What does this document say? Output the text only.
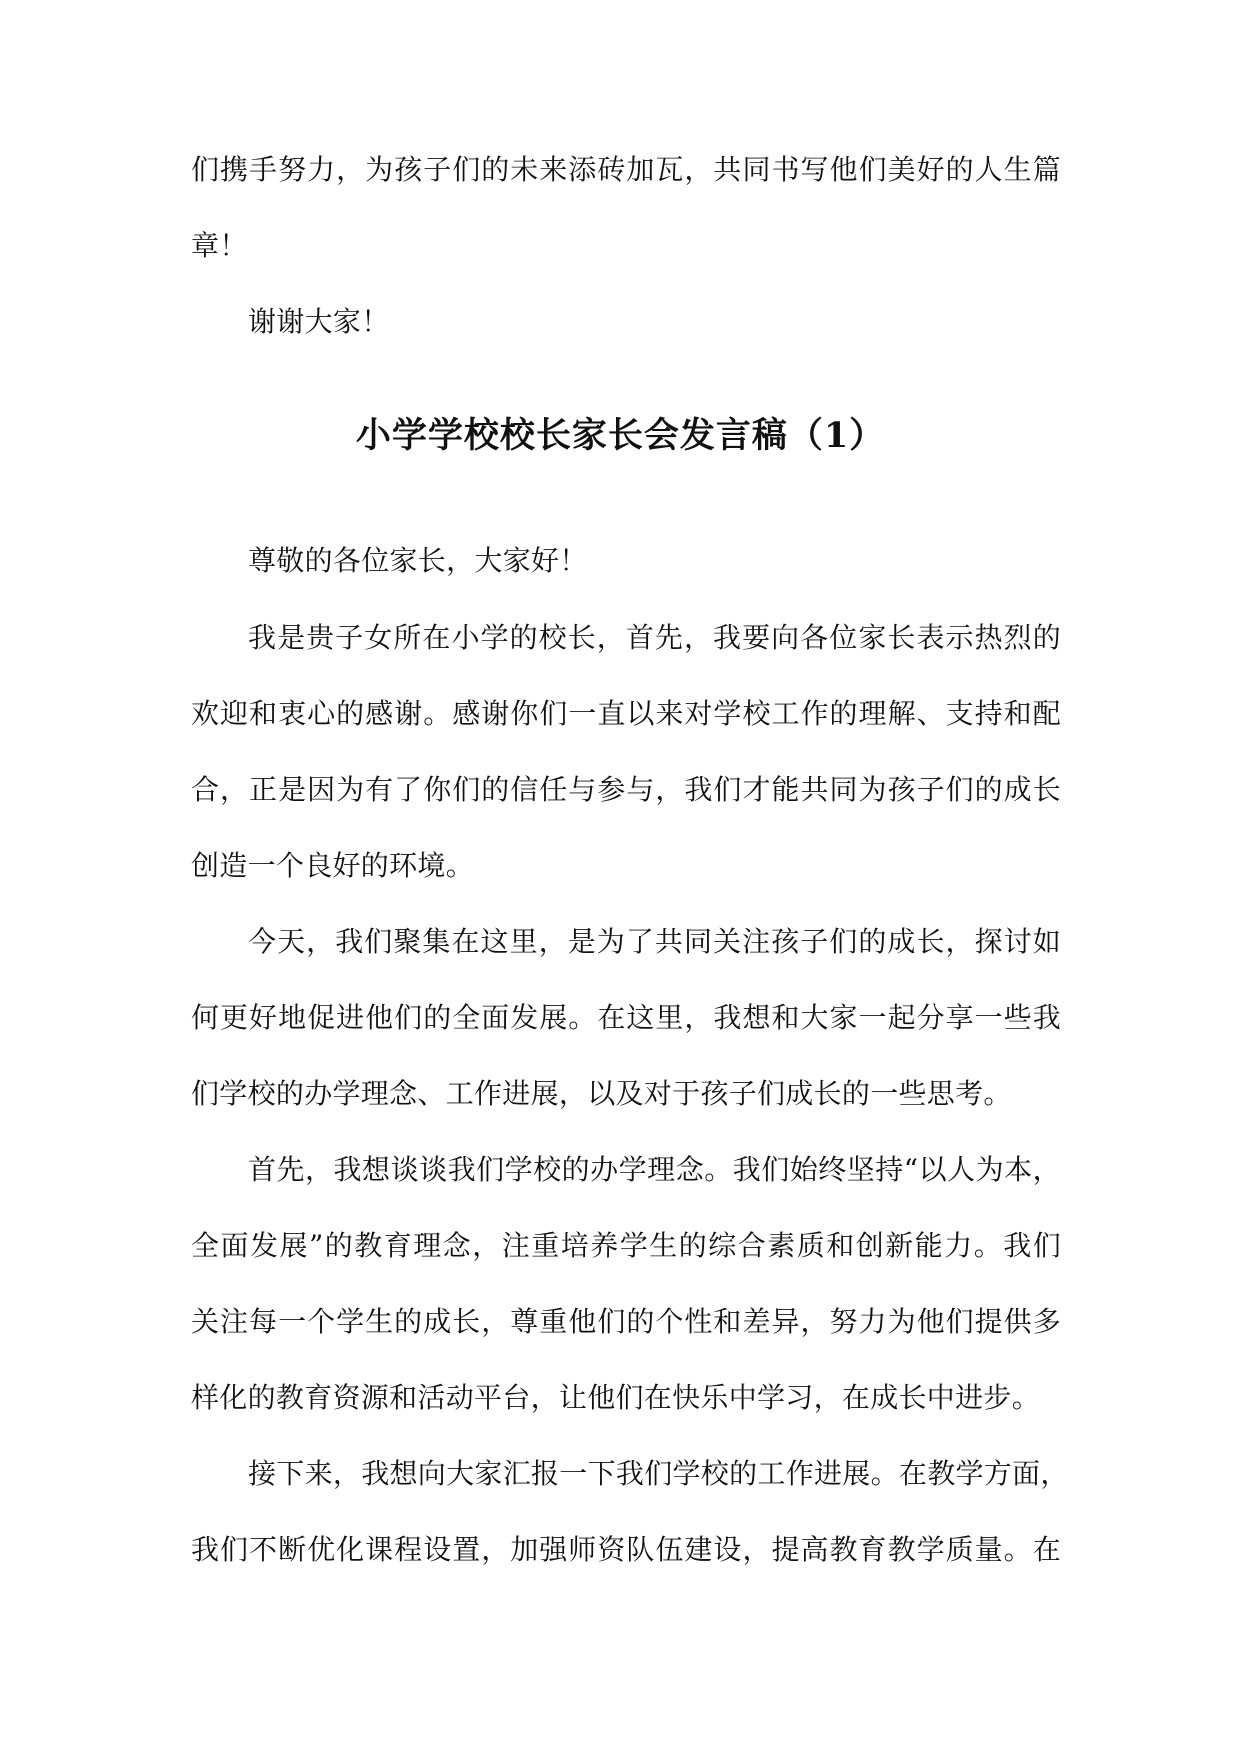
们携手努力，为孩子们的未来添砖加瓦，共同书写他们美好的人生篇
章！
谢谢大家！
小学学校校长家长会发言稿（1）
尊敬的各位家长，大家好！
我是贵子女所在小学的校长，首先，我要向各位家长表示热烈的
欢迎和衷心的感谢。感谢你们一直以来对学校工作的理解、支持和配
合，正是因为有了你们的信任与参与，我们才能共同为孩子们的成长
创造一个良好的环境。
今天，我们聚集在这里，是为了共同关注孩子们的成长，探讨如
何更好地促进他们的全面发展。在这里，我想和大家一起分享一些我
们学校的办学理念、工作进展，以及对于孩子们成长的一些思考。
首先，我想谈谈我们学校的办学理念。我们始终坚持“以人为本，
全面发展”的教育理念，注重培养学生的综合素质和创新能力。我们
关注每一个学生的成长，尊重他们的个性和差异，努力为他们提供多
样化的教育资源和活动平台，让他们在快乐中学习，在成长中进步。
接下来，我想向大家汇报一下我们学校的工作进展。在教学方面，
我们不断优化课程设置，加强师资队伍建设，提高教育教学质量。在
